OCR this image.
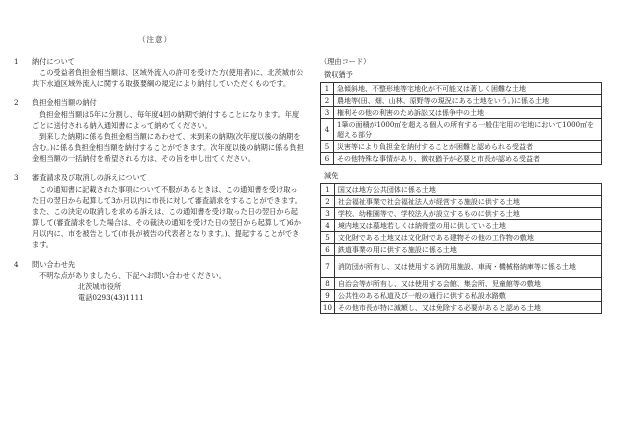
（注意）
1	納付について

この受益者負担金相当額は、区域外流入の許可を受けた方(使用者)に、北茨城市公共下水道区域外流入に関する取扱要綱の規定により納付していただくものです。

2	負担金相当額の納付

負担金相当額は5年に分割し、毎年度4回の納期で納付することになります。年度ごとに送付される納入通知書によって納めてください。

到来した納期に係る負担金相当額にあわせて、未到来の納期(次年度以後の納期を含む。)に係る負担金相当額を納付することができます。次年度以後の納期に係る負担金相当額の一括納付を希望される方は、その旨を申し出てください。

3	審査請求及び取消しの訴えについて

この通知書に記載された事項について不服があるときは、この通知書を受け取った日の翌日から起算して3か月以内に市長に対して審査請求をすることができます。また、この決定の取消しを求める訴えは、この通知書を受け取った日の翌日から起算して(審査請求をした場合は、その裁決の通知を受けた日の翌日から起算して)6か月以内に、市を被告として(市長が被告の代表者となります。)、提起することができます。

4	問い合わせ先

不明な点がありましたら、下記へお問い合わせください。

北茨城市役所
電話0293(43)1111
（理由コード）
徴収猶予
1	急傾斜地、不整形地等宅地化が不可能又は著しく困難な土地
2	農地等(田、畑、山林、原野等の現況にある土地をいう。)に係る土地
3	権利その他の利害のため訴訟又は係争中の土地
4	1筆の面積が1000㎡を超える個人の所有する一般住宅用の宅地において1000㎡を超える部分
5	災害等により負担金を納付することが困難と認められる受益者
6	その他特殊な事情があり、徴収猶予が必要と市長が認める受益者
減免
1	国又は地方公共団体に係る土地
2	社会福祉事業で社会福祉法人が経営する施設に供する土地
3	学校、幼稚園等で、学校法人が設立するものに供する土地
4	境内地又は墓地若しくは納骨堂の用に供している土地
5	文化財である土地又は文化財である建物その他の工作物の敷地
6	鉄道事業の用に供する施設に係る土地
7	消防団が所有し、又は使用する消防用施設、車両・機械格納庫等に係る土地
8	自治会等が所有し、又は使用する会館、集会所、児童館等の敷地
9	公共性のある私道及び一般の通行に供する私設水路敷
10	その他市長が特に減額し、又は免除する必要があると認める土地
